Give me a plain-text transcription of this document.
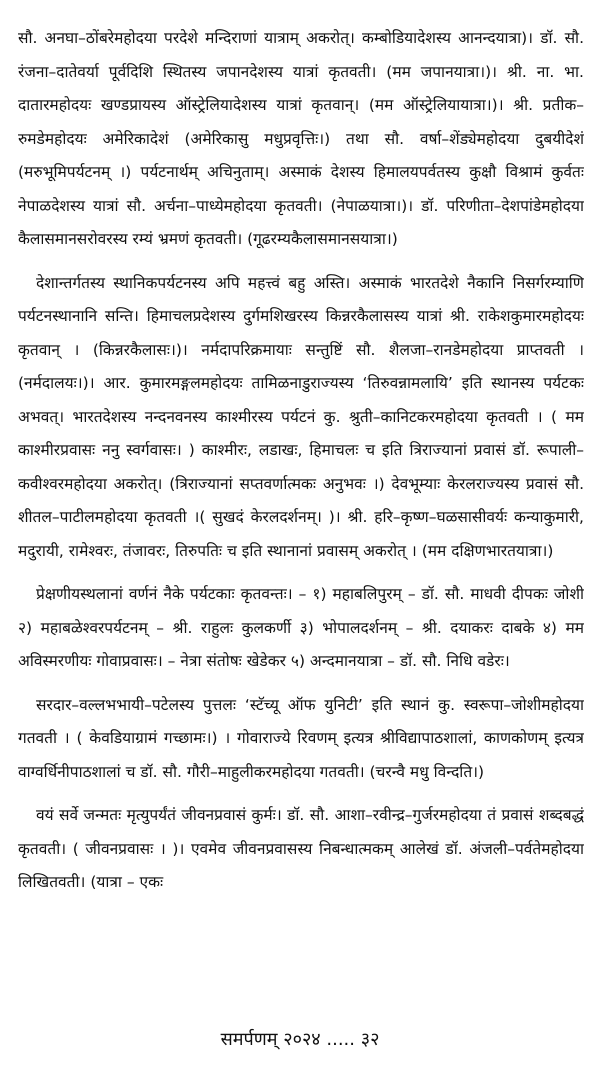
सौ. अनघा–ठोंबरेमहोदया परदेशे मन्दिराणां यात्राम् अकरोत्। कम्बोडियादेशस्य आनन्दयात्रा)। डॉ. सौ. रंजना–दातेवर्या पूर्वदिशि स्थितस्य जपानदेशस्य यात्रां कृतवती। (मम जपानयात्रा।)। श्री. ना. भा. दातारमहोदयः खण्डप्रायस्य ऑस्ट्रेलियादेशस्य यात्रां कृतवान्। (मम ऑस्ट्रेलियायात्रा।)। श्री. प्रतीक–रुमडेमहोदयः अमेरिकादेशं (अमेरिकासु मधुप्रवृत्तिः।) तथा सौ. वर्षा–शेंड्येमहोदया दुबयीदेशं (मरुभूमिपर्यटनम् ।) पर्यटनार्थम् अचिनुताम्। अस्माकं देशस्य हिमालयपर्वतस्य कुक्षौ विश्रामं कुर्वतः नेपाळदेशस्य यात्रां सौ. अर्चना–पाध्येमहोदया कृतवती। (नेपाळयात्रा।)। डॉ. परिणीता–देशपांडेमहोदया कैलासमानसरोवरस्य रम्यं भ्रमणं कृतवती। (गूढरम्यकैलासमानसयात्रा।)

देशान्तर्गतस्य स्थानिकपर्यटनस्य अपि महत्त्वं बहु अस्ति। अस्माकं भारतदेशे नैकानि निसर्गरम्याणि पर्यटनस्थानानि सन्ति। हिमाचलप्रदेशस्य दुर्गमशिखरस्य किन्नरकैलासस्य यात्रां श्री. राकेशकुमारमहोदयः कृतवान् । (किन्नरकैलासः।)। नर्मदापरिक्रमायाः सन्तुष्टिं सौ. शैलजा–रानडेमहोदया प्राप्तवती । (नर्मदालयः।)। आर. कुमारमङ्गलमहोदयः तामिळनाडुराज्यस्य ‘तिरुवन्नामलायि’ इति स्थानस्य पर्यटकः अभवत्। भारतदेशस्य नन्दनवनस्य काश्मीरस्य पर्यटनं कु. श्रुती–कानिटकरमहोदया कृतवती । ( मम काश्मीरप्रवासः ननु स्वर्गवासः। ) काश्मीरः, लडाखः, हिमाचलः च इति त्रिराज्यानां प्रवासं डॉ. रूपाली–कवीश्वरमहोदया अकरोत्। (त्रिराज्यानां सप्तवर्णात्मकः अनुभवः ।) देवभूम्याः केरलराज्यस्य प्रवासं सौ. शीतल–पाटीलमहोदया कृतवती ।( सुखदं केरलदर्शनम्। )। श्री. हरि–कृष्ण–घळसासीवर्यः कन्याकुमारी, मदुरायी, रामेश्वरः, तंजावरः, तिरुपतिः च इति स्थानानां प्रवासम् अकरोत् । (मम दक्षिणभारतयात्रा।)

प्रेक्षणीयस्थलानां वर्णनं नैके पर्यटकाः कृतवन्तः। – १) महाबलिपुरम् – डॉ. सौ. माधवी दीपकः जोशी २) महाबळेश्वरपर्यटनम् – श्री. राहुलः कुलकर्णी ३) भोपालदर्शनम् – श्री. दयाकरः दाबके ४) मम अविस्मरणीयः गोवाप्रवासः। – नेत्रा संतोषः खेडेकर ५) अन्दमानयात्रा – डॉ. सौ. निधि वडेरः।

सरदार–वल्लभभायी–पटेलस्य पुत्तलः ‘स्टॅच्यू ऑफ युनिटी’ इति स्थानं कु. स्वरूपा–जोशीमहोदया गतवती । ( केवडियाग्रामं गच्छामः।) । गोवाराज्ये रिवणम् इत्यत्र श्रीविद्यापाठशालां, काणकोणम् इत्यत्र वाग्वर्धिनीपाठशालां च डॉ. सौ. गौरी–माहुलीकरमहोदया गतवती। (चरन्वै मधु विन्दति।)

वयं सर्वे जन्मतः मृत्युपर्यंतं जीवनप्रवासं कुर्मः। डॉ. सौ. आशा–रवीन्द्र–गुर्जरमहोदया तं प्रवासं शब्दबद्धं कृतवती। ( जीवनप्रवासः । )। एवमेव जीवनप्रवासस्य निबन्धात्मकम् आलेखं डॉ. अंजली–पर्वतेमहोदया लिखितवती। (यात्रा – एकः

समर्पणम् २०२४ ..... ३२
